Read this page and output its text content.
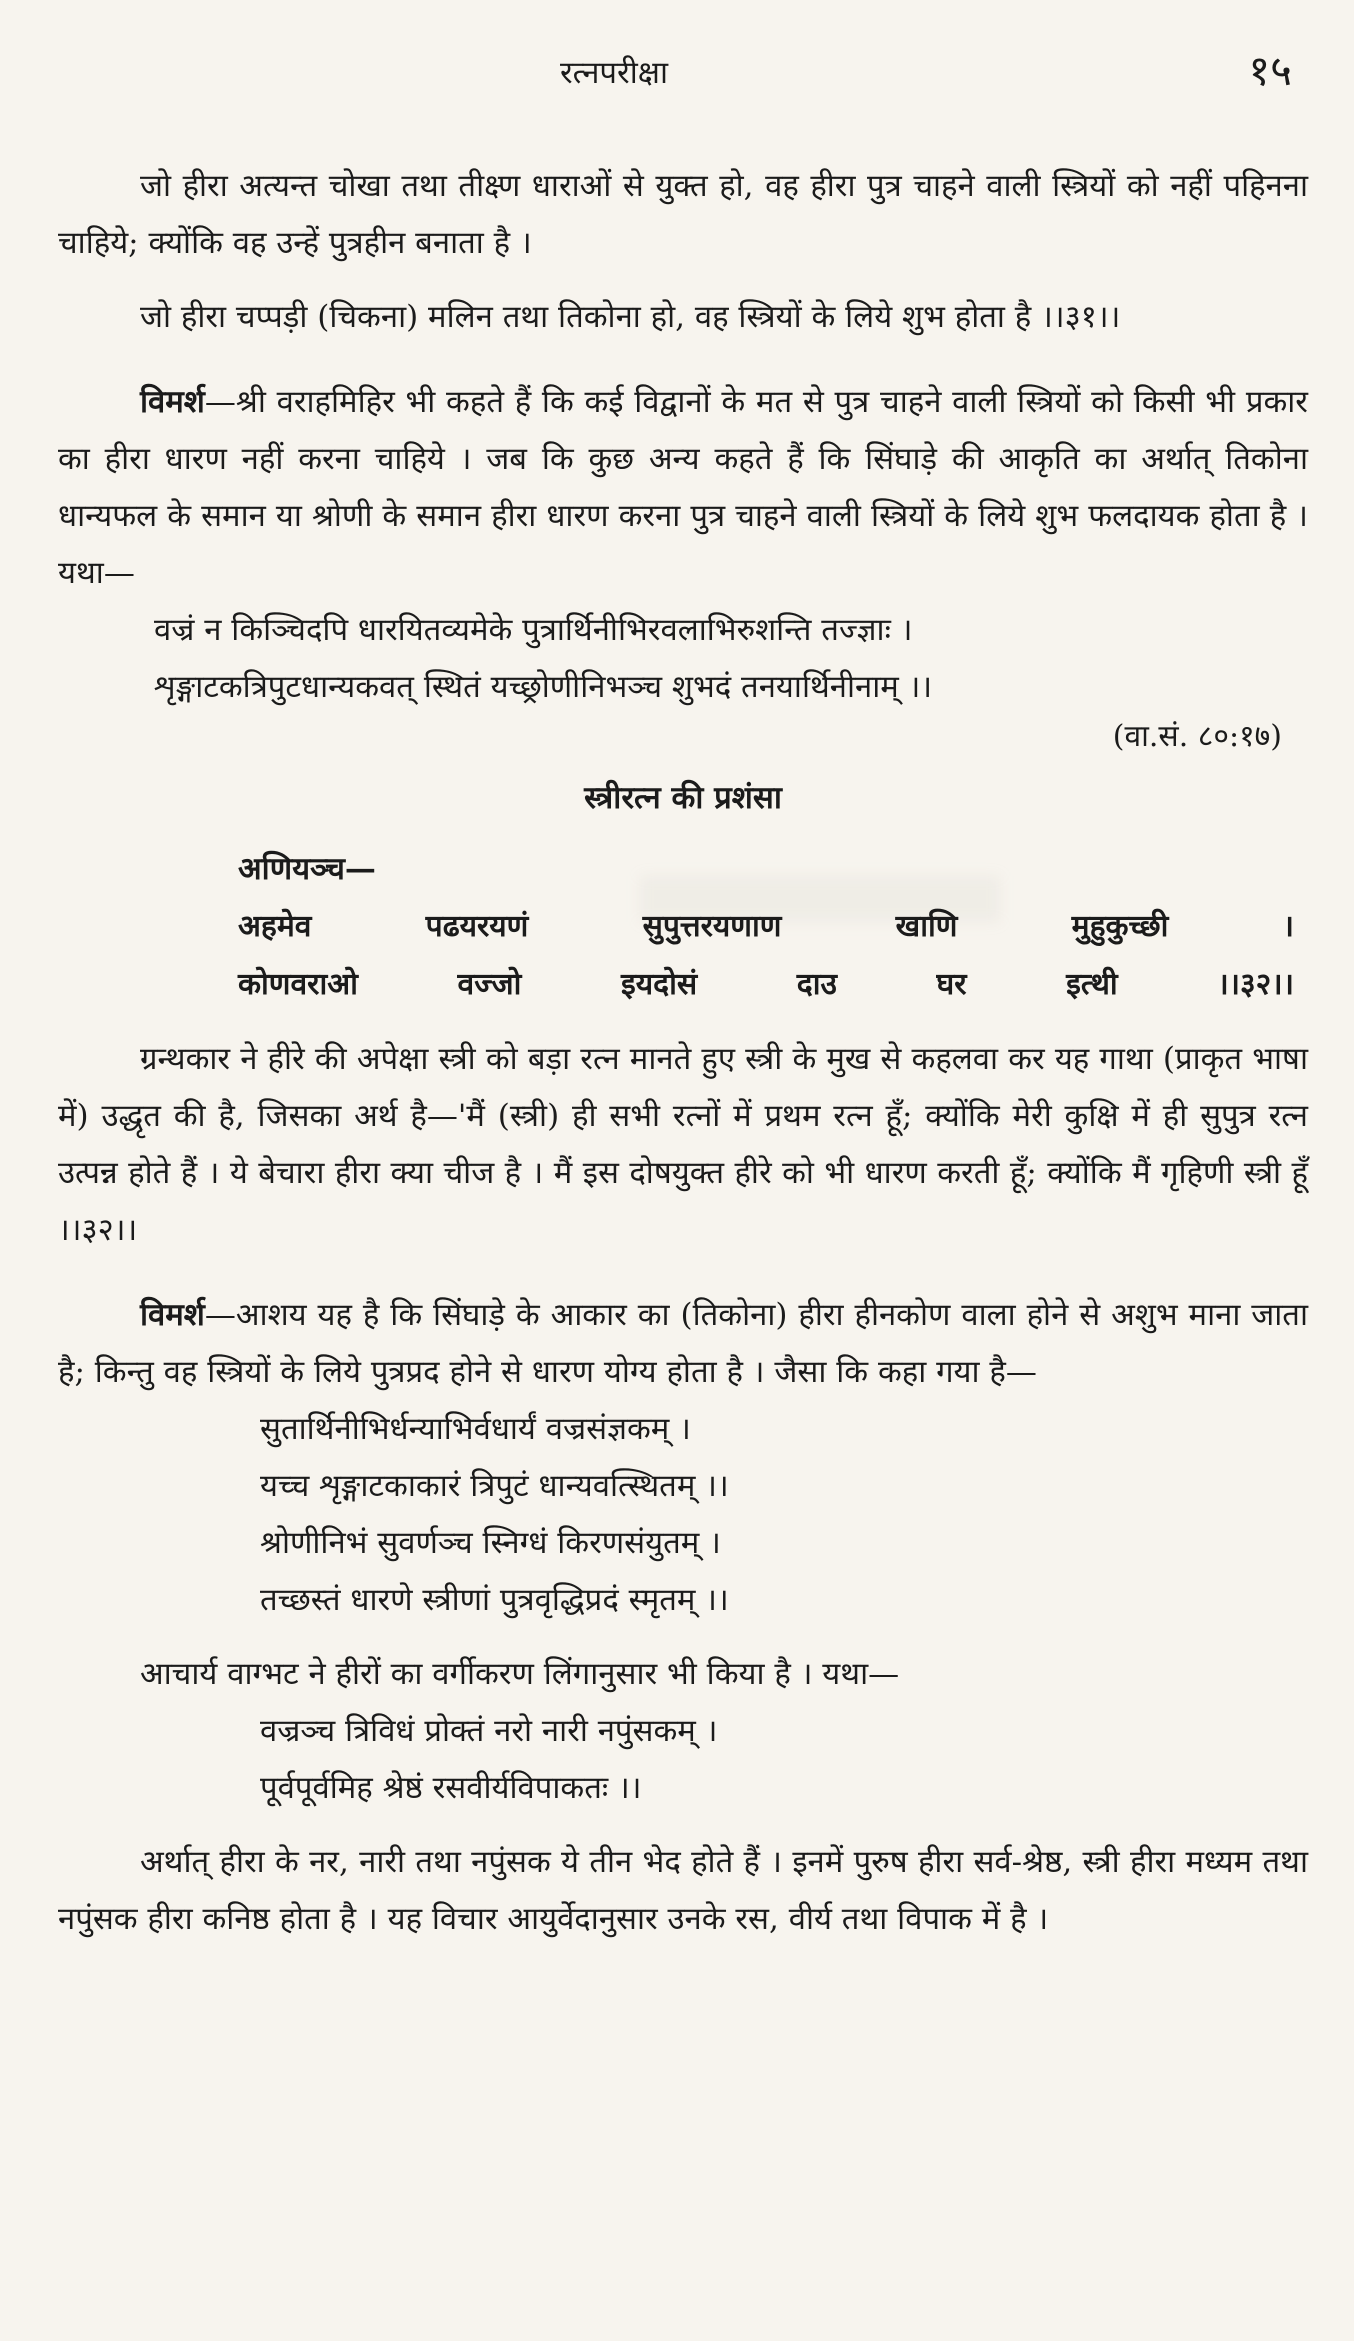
रत्नपरीक्षा	१५

जो हीरा अत्यन्त चोखा तथा तीक्ष्ण धाराओं से युक्त हो, वह हीरा पुत्र चाहने वाली स्त्रियों को नहीं पहिनना चाहिये; क्योंकि वह उन्हें पुत्रहीन बनाता है ।

जो हीरा चप्पड़ी (चिकना) मलिन तथा तिकोना हो, वह स्त्रियों के लिये शुभ होता है ।।३१।।

विमर्श—श्री वराहमिहिर भी कहते हैं कि कई विद्वानों के मत से पुत्र चाहने वाली स्त्रियों को किसी भी प्रकार का हीरा धारण नहीं करना चाहिये । जब कि कुछ अन्य कहते हैं कि सिंघाड़े की आकृति का अर्थात् तिकोना धान्यफल के समान या श्रोणी के समान हीरा धारण करना पुत्र चाहने वाली स्त्रियों के लिये शुभ फलदायक होता है । यथा—

वज्रं न किञ्चिदपि धारयितव्यमेके पुत्रार्थिनीभिरवलाभिरुशन्ति तज्ज्ञाः ।

शृङ्गाटकत्रिपुटधान्यकवत् स्थितं यच्छ्रोणीनिभञ्च शुभदं तनयार्थिनीनाम् ।।

(वा.सं. ८०:१७)

स्त्रीरत्न की प्रशंसा

अणियञ्च—

अहमेव पढयरयणं सुपुत्तरयणाण खाणि मुहुकुच्छी ।

कोणवराओ वज्जो इयदोसं दाउ घर इत्थी ।।३२।।

ग्रन्थकार ने हीरे की अपेक्षा स्त्री को बड़ा रत्न मानते हुए स्त्री के मुख से कहलवा कर यह गाथा (प्राकृत भाषा में) उद्धृत की है, जिसका अर्थ है—'मैं (स्त्री) ही सभी रत्नों में प्रथम रत्न हूँ; क्योंकि मेरी कुक्षि में ही सुपुत्र रत्न उत्पन्न होते हैं । ये बेचारा हीरा क्या चीज है । मैं इस दोषयुक्त हीरे को भी धारण करती हूँ; क्योंकि मैं गृहिणी स्त्री हूँ ।।३२।।

विमर्श—आशय यह है कि सिंघाड़े के आकार का (तिकोना) हीरा हीनकोण वाला होने से अशुभ माना जाता है; किन्तु वह स्त्रियों के लिये पुत्रप्रद होने से धारण योग्य होता है । जैसा कि कहा गया है—

सुतार्थिनीभिर्धन्याभिर्वधार्यं वज्रसंज्ञकम् ।

यच्च शृङ्गाटकाकारं त्रिपुटं धान्यवत्स्थितम् ।।

श्रोणीनिभं सुवर्णञ्च स्निग्धं किरणसंयुतम् ।

तच्छस्तं धारणे स्त्रीणां पुत्रवृद्धिप्रदं स्मृतम् ।।

आचार्य वाग्भट ने हीरों का वर्गीकरण लिंगानुसार भी किया है । यथा—

वज्रञ्च त्रिविधं प्रोक्तं नरो नारी नपुंसकम् ।

पूर्वपूर्वमिह श्रेष्ठं रसवीर्यविपाकतः ।।

अर्थात् हीरा के नर, नारी तथा नपुंसक ये तीन भेद होते हैं । इनमें पुरुष हीरा सर्व-श्रेष्ठ, स्त्री हीरा मध्यम तथा नपुंसक हीरा कनिष्ठ होता है । यह विचार आयुर्वेदानुसार उनके रस, वीर्य तथा विपाक में है ।
